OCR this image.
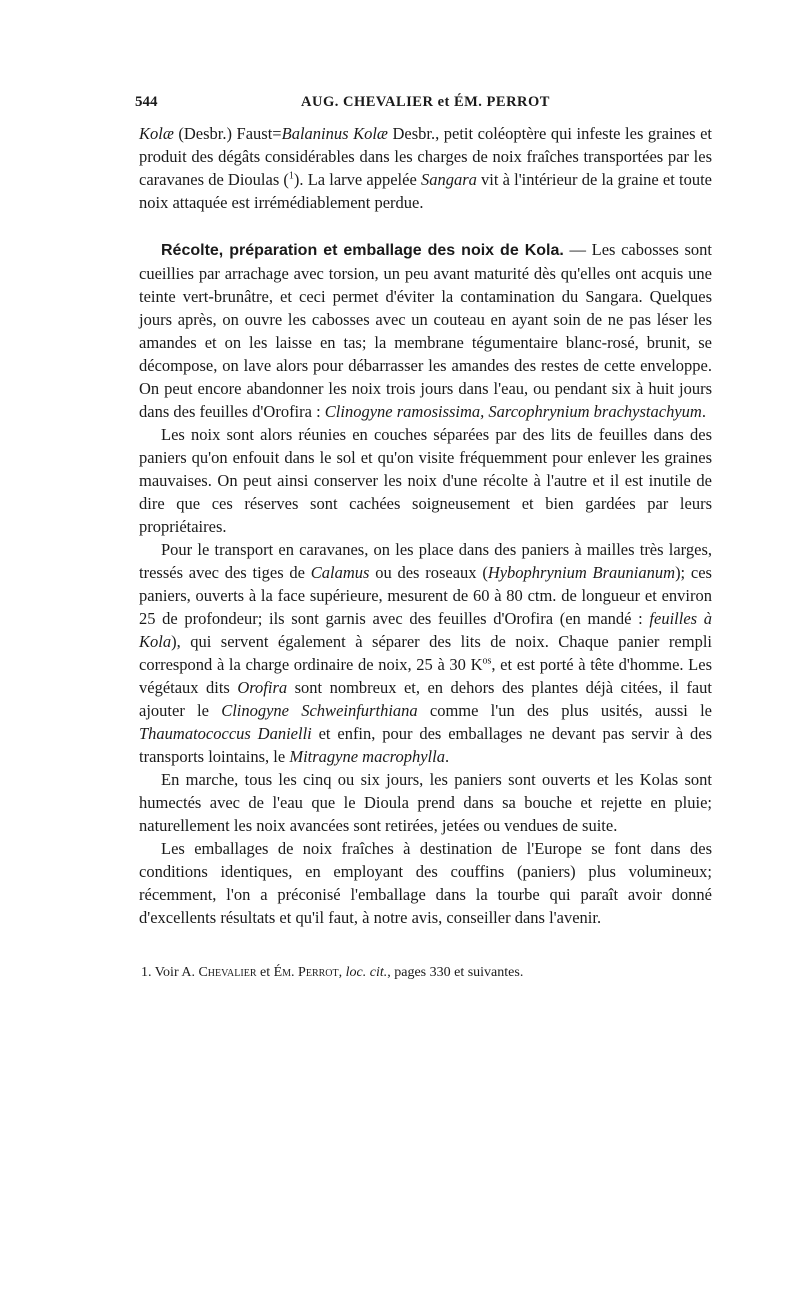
544	AUG. CHEVALIER et ÉM. PERROT

Kolæ (Desbr.) Faust=Balaninus Kolæ Desbr., petit coléoptère qui infeste les graines et produit des dégâts considérables dans les charges de noix fraîches transportées par les caravanes de Dioulas ($^1$). La larve appelée Sangara vit à l'intérieur de la graine et toute noix attaquée est irrémédiablement perdue.

Récolte, préparation et emballage des noix de Kola. — Les cabosses sont cueillies par arrachage avec torsion, un peu avant maturité dès qu'elles ont acquis une teinte vert-brunâtre, et ceci permet d'éviter la contamination du Sangara. Quelques jours après, on ouvre les cabosses avec un couteau en ayant soin de ne pas léser les amandes et on les laisse en tas; la membrane tégumentaire blanc-rosé, brunit, se décompose, on lave alors pour débarrasser les amandes des restes de cette enveloppe. On peut encore abandonner les noix trois jours dans l'eau, ou pendant six à huit jours dans des feuilles d'Orofira : Clinogyne ramosissima, Sarcophrynium brachystachyum.

Les noix sont alors réunies en couches séparées par des lits de feuilles dans des paniers qu'on enfouit dans le sol et qu'on visite fréquemment pour enlever les graines mauvaises. On peut ainsi conserver les noix d'une récolte à l'autre et il est inutile de dire que ces réserves sont cachées soigneusement et bien gardées par leurs propriétaires.

Pour le transport en caravanes, on les place dans des paniers à mailles très larges, tressés avec des tiges de Calamus ou des roseaux (Hybophrynium Braunianum); ces paniers, ouverts à la face supérieure, mesurent de 60 à 80 ctm. de longueur et environ 25 de profondeur; ils sont garnis avec des feuilles d'Orofira (en mandé : feuilles à Kola), qui servent également à séparer des lits de noix. Chaque panier rempli correspond à la charge ordinaire de noix, 25 à 30 $K^{os}$, et est porté à tête d'homme. Les végétaux dits Orofira sont nombreux et, en dehors des plantes déjà citées, il faut ajouter le Clinogyne Schweinfurthiana comme l'un des plus usités, aussi le Thaumatococcus Danielli et enfin, pour des emballages ne devant pas servir à des transports lointains, le Mitragyne macrophylla.

En marche, tous les cinq ou six jours, les paniers sont ouverts et les Kolas sont humectés avec de l'eau que le Dioula prend dans sa bouche et rejette en pluie; naturellement les noix avancées sont retirées, jetées ou vendues de suite.

Les emballages de noix fraîches à destination de l'Europe se font dans des conditions identiques, en employant des couffins (paniers) plus volumineux; récemment, l'on a préconisé l'emballage dans la tourbe qui paraît avoir donné d'excellents résultats et qu'il faut, à notre avis, conseiller dans l'avenir.

1. Voir A. Chevalier et Ém. Perrot, loc. cit., pages 330 et suivantes.
